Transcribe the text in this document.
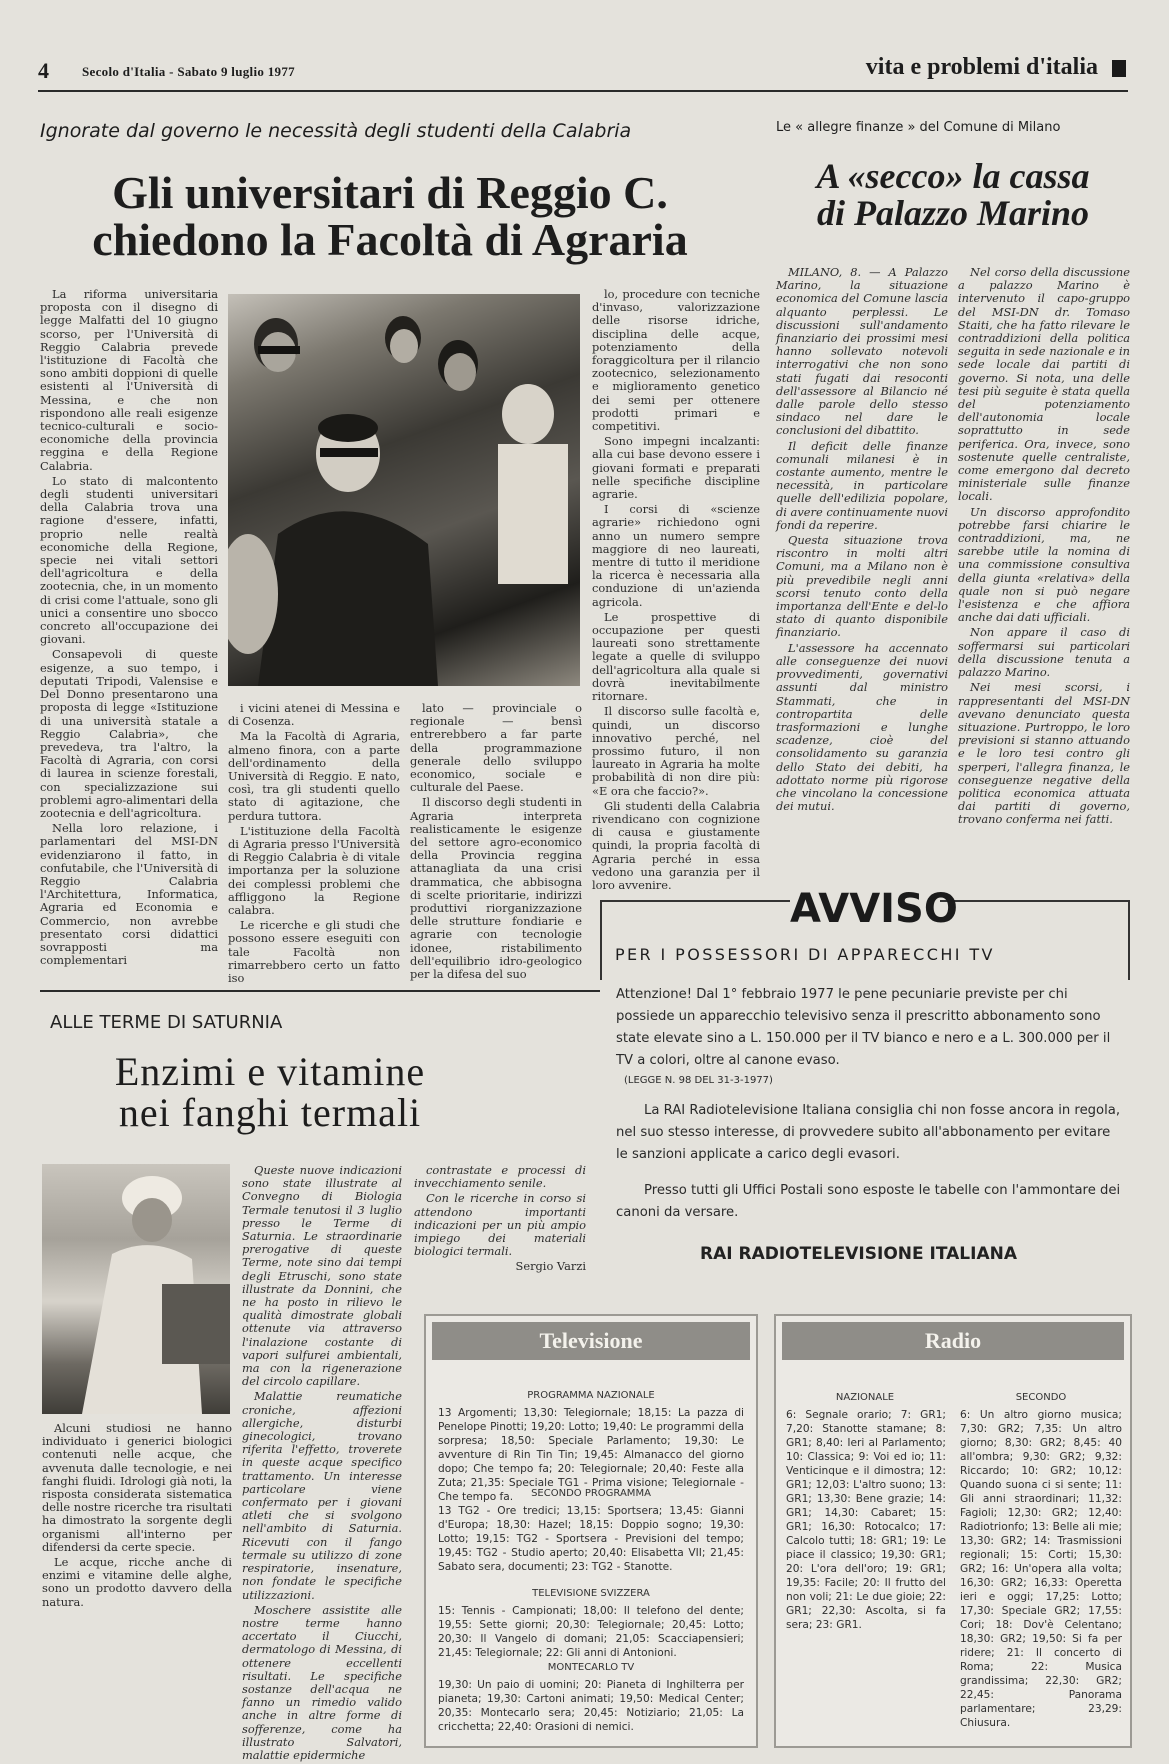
4	Secolo d'Italia - Sabato 9 luglio 1977	vita e problemi d'italia
Ignorate dal governo le necessità degli studenti della Calabria
Gli universitari di Reggio C.
chiedono la Facoltà di Agraria

La riforma universitaria proposta con il disegno di legge Malfatti del 10 giugno scorso, per l'Università di Reggio Calabria prevede l'istituzione di Facoltà che sono ambiti doppioni di quelle esistenti al l'Università di Messina, e che non rispondono alle reali esigenze tecnico-culturali e socio-economiche della provincia reggina e della Regione Calabria.

Lo stato di malcontento degli studenti universitari della Calabria trova una ragione d'essere, infatti, proprio nelle realtà economiche della Regione, specie nei vitali settori dell'agricoltura e della zootecnia, che, in un momento di crisi come l'attuale, sono gli unici a consentire uno sbocco concreto all'occupazione dei giovani.

Consapevoli di queste esigenze, a suo tempo, i deputati Tripodi, Valensise e Del Donno presentarono una proposta di legge «Istituzione di una università statale a Reggio Calabria», che prevedeva, tra l'altro, la Facoltà di Agraria, con corsi di laurea in scienze forestali, con specializzazione sui problemi agro-alimentari della zootecnia e dell'agricoltura.

Nella loro relazione, i parlamentari del MSI-DN evidenziarono il fatto, in confutabile, che l'Università di Reggio Calabria l'Architettura, Informatica, Agraria ed Economia e Commercio, non avrebbe presentato corsi didattici sovrapposti ma complementari

i vicini atenei di Messina e di Cosenza.

Ma la Facoltà di Agraria, almeno finora, con a parte dell'ordinamento della Università di Reggio. E nato, così, tra gli studenti quello stato di agitazione, che perdura tuttora.

L'istituzione della Facoltà di Agraria presso l'Università di Reggio Calabria è di vitale importanza per la soluzione dei complessi problemi che affliggono la Regione calabra.

Le ricerche e gli studi che possono essere eseguiti con tale Facoltà non rimarrebbero certo un fatto iso

lato — provinciale o regionale — bensì entrerebbero a far parte della programmazione generale dello sviluppo economico, sociale e culturale del Paese.

Il discorso degli studenti in Agraria interpreta realisticamente le esigenze del settore agro-economico della Provincia reggina attanagliata da una crisi drammatica, che abbisogna di scelte prioritarie, indirizzi produttivi riorganizzazione delle strutture fondiarie e agrarie con tecnologie idonee, ristabilimento dell'equilibrio idro-geologico per la difesa del suo

lo, procedure con tecniche d'invaso, valorizzazione delle risorse idriche, disciplina delle acque, potenziamento della foraggicoltura per il rilancio zootecnico, selezionamento e miglioramento genetico dei semi per ottenere prodotti primari e competitivi.

Sono impegni incalzanti: alla cui base devono essere i giovani formati e preparati nelle specifiche discipline agrarie.

I corsi di «scienze agrarie» richiedono ogni anno un numero sempre maggiore di neo laureati, mentre di tutto il meridione la ricerca è necessaria alla conduzione di un'azienda agricola.

Le prospettive di occupazione per questi laureati sono strettamente legate a quelle di sviluppo dell'agricoltura alla quale si dovrà inevitabilmente ritornare.

Il discorso sulle facoltà e, quindi, un discorso innovativo perché, nel prossimo futuro, il non laureato in Agraria ha molte probabilità di non dire più: «E ora che faccio?».

Gli studenti della Calabria rivendicano con cognizione di causa e giustamente quindi, la propria facoltà di Agraria perché in essa vedono una garanzia per il loro avvenire.

Le « allegre finanze » del Comune di Milano
A «secco» la cassa
di Palazzo Marino

MILANO, 8. — A Palazzo Marino, la situazione economica del Comune lascia alquanto perplessi. Le discussioni sull'andamento finanziario dei prossimi mesi hanno sollevato notevoli interrogativi che non sono stati fugati dai resoconti dell'assessore al Bilancio né dalle parole dello stesso sindaco nel dare le conclusioni del dibattito.

Il deficit delle finanze comunali milanesi è in costante aumento, mentre le necessità, in particolare quelle dell'edilizia popolare, di avere continuamente nuovi fondi da reperire.

Questa situazione trova riscontro in molti altri Comuni, ma a Milano non è più prevedibile negli anni scorsi tenuto conto della importanza dell'Ente e del-lo stato di quanto disponibile finanziario.

L'assessore ha accennato alle conseguenze dei nuovi provvedimenti, governativi assunti dal ministro Stammati, che in contropartita delle trasformazioni e lunghe scadenze, cioè del consolidamento su garanzia dello Stato dei debiti, ha adottato norme più rigorose che vincolano la concessione dei mutui.

Nel corso della discussione a palazzo Marino è intervenuto il capo-gruppo del MSI-DN dr. Tomaso Staiti, che ha fatto rilevare le contraddizioni della politica seguita in sede nazionale e in sede locale dai partiti di governo. Si nota, una delle tesi più seguite è stata quella del potenziamento dell'autonomia locale soprattutto in sede periferica. Ora, invece, sono sostenute quelle centraliste, come emergono dal decreto ministeriale sulle finanze locali.

Un discorso approfondito potrebbe farsi chiarire le contraddizioni, ma, ne sarebbe utile la nomina di una commissione consultiva della giunta «relativa» della quale non si può negare l'esistenza e che affiora anche dai dati ufficiali.

Non appare il caso di soffermarsi sui particolari della discussione tenuta a palazzo Marino.

Nei mesi scorsi, i rappresentanti del MSI-DN avevano denunciato questa situazione. Purtroppo, le loro previsioni si stanno attuando e le loro tesi contro gli sperperi, l'allegra finanza, le conseguenze negative della politica economica attuata dai partiti di governo, trovano conferma nei fatti.

AVVISO
PER I POSSESSORI DI APPARECCHI TV
Attenzione! Dal 1° febbraio 1977 le pene pecuniarie previste per chi possiede un apparecchio televisivo senza il prescritto abbonamento sono state elevate sino a L. 150.000 per il TV bianco e nero e a L. 300.000 per il TV a colori, oltre al canone evaso.
(LEGGE N. 98 DEL 31-3-1977)
La RAI Radiotelevisione Italiana consiglia chi non fosse ancora in regola, nel suo stesso interesse, di provvedere subito all'abbonamento per evitare le sanzioni applicate a carico degli evasori.
Presso tutti gli Uffici Postali sono esposte le tabelle con l'ammontare dei canoni da versare.
RAI RADIOTELEVISIONE ITALIANA
ALLE TERME DI SATURNIA
Enzimi e vitamine
nei fanghi termali

Queste nuove indicazioni sono state illustrate al Convegno di Biologia Termale tenutosi il 3 luglio presso le Terme di Saturnia. Le straordinarie prerogative di queste Terme, note sino dai tempi degli Etruschi, sono state illustrate da Donnini, che ne ha posto in rilievo le qualità dimostrate globali ottenute via attraverso l'inalazione costante di vapori sulfurei ambientali, ma con la rigenerazione del circolo capillare.

Malattie reumatiche croniche, affezioni allergiche, disturbi ginecologici, trovano riferita l'effetto, troverete in queste acque specifico trattamento. Un interesse particolare viene confermato per i giovani atleti che si svolgono nell'ambito di Saturnia. Ricevuti con il fango termale su utilizzo di zone respiratorie, insenature, non fondate le specifiche utilizzazioni.

Moschere assistite alle nostre terme hanno accertato il Ciucchi, dermatologo di Messina, di ottenere eccellenti risultati. Le specifiche sostanze dell'acqua ne fanno un rimedio valido anche in altre forme di sofferenze, come ha illustrato Salvatori, malattie epidermiche

contrastate e processi di invecchiamento senile.

Con le ricerche in corso si attendono importanti indicazioni per un più ampio impiego dei materiali biologici termali.

Sergio Varzi

Alcuni studiosi ne hanno individuato i generici biologici contenuti nelle acque, che avvenuta dalle tecnologie, e nei fanghi fluidi. Idrologi già noti, la risposta considerata sistematica delle nostre ricerche tra risultati ha dimostrato la sorgente degli organismi all'interno per difendersi da certe specie.

Le acque, ricche anche di enzimi e vitamine delle alghe, sono un prodotto davvero della natura.

Televisione
PROGRAMMA NAZIONALE
13 Argomenti; 13,30: Telegiornale; 18,15: La pazza di Penelope Pinotti; 19,20: Lotto; 19,40: Le programmi della sorpresa; 18,50: Speciale Parlamento; 19,30: Le avventure di Rin Tin Tin; 19,45: Almanacco del giorno dopo; Che tempo fa; 20: Telegiornale; 20,40: Feste alla Zuta; 21,35: Speciale TG1 - Prima visione; Telegiornale - Che tempo fa.	SECONDO PROGRAMMA
13 TG2 - Ore tredici; 13,15: Sportsera; 13,45: Gianni d'Europa; 18,30: Hazel; 18,15: Doppio sogno; 19,30: Lotto; 19,15: TG2 - Sportsera - Previsioni del tempo; 19,45: TG2 - Studio aperto; 20,40: Elisabetta VII; 21,45: Sabato sera, documenti; 23: TG2 - Stanotte.
TELEVISIONE SVIZZERA
15: Tennis - Campionati; 18,00: Il telefono del dente; 19,55: Sette giorni; 20,30: Telegiornale; 20,45: Lotto; 20,30: Il Vangelo di domani; 21,05: Scacciapensieri; 21,45: Telegiornale; 22: Gli anni di Antonioni.
MONTECARLO TV
19,30: Un paio di uomini; 20: Pianeta di Inghilterra per pianeta; 19,30: Cartoni animati; 19,50: Medical Center; 20,35: Montecarlo sera; 20,45: Notiziario; 21,05: La cricchetta; 22,40: Orasioni di nemici.
Radio
NAZIONALE
6: Segnale orario; 7: GR1; 7,20: Stanotte stamane; 8: GR1; 8,40: Ieri al Parlamento; 10: Classica; 9: Voi ed io; 11: Venticinque e il dimostra; 12: GR1; 12,03: L'altro suono; 13: GR1; 13,30: Bene grazie; 14: GR1; 14,30: Cabaret; 15: GR1; 16,30: Rotocalco; 17: Calcolo tutti; 18: GR1; 19: Le piace il classico; 19,30: GR1; 20: L'ora dell'oro; 19: GR1; 19,35: Facile; 20: Il frutto del non voli; 21: Le due gioie; 22: GR1; 22,30: Ascolta, si fa sera; 23: GR1.
SECONDO
6: Un altro giorno musica; 7,30: GR2; 7,35: Un altro giorno; 8,30: GR2; 8,45: 40 all'ombra; 9,30: GR2; 9,32: Riccardo; 10: GR2; 10,12: Quando suona ci si sente; 11: Gli anni straordinari; 11,32: Fagioli; 12,30: GR2; 12,40: Radiotrionfo; 13: Belle ali mie; 13,30: GR2; 14: Trasmissioni regionali; 15: Corti; 15,30: GR2; 16: Un'opera alla volta; 16,30: GR2; 16,33: Operetta ieri e oggi; 17,25: Lotto; 17,30: Speciale GR2; 17,55: Cori; 18: Dov'è Celentano; 18,30: GR2; 19,50: Si fa per ridere; 21: Il concerto di Roma; 22: Musica grandissima; 22,30: GR2; 22,45: Panorama parlamentare; 23,29: Chiusura.
